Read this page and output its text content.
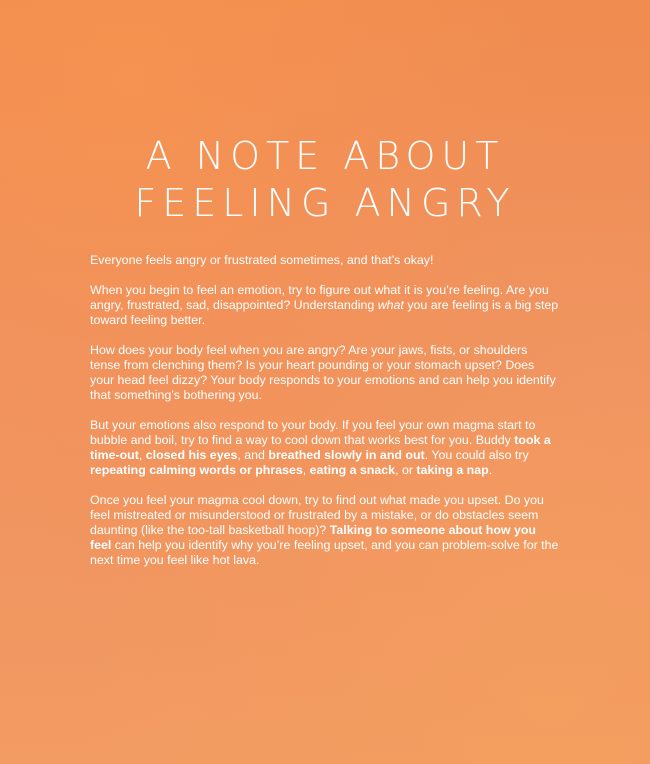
A NOTE ABOUT
FEELING ANGRY

Everyone feels angry or frustrated sometimes, and that’s okay!

When you begin to feel an emotion, try to figure out what it is you’re feeling. Are you angry, frustrated, sad, disappointed? Understanding what you are feeling is a big step toward feeling better.

How does your body feel when you are angry? Are your jaws, fists, or shoulders tense from clenching them? Is your heart pounding or your stomach upset? Does your head feel dizzy? Your body responds to your emotions and can help you identify that something’s bothering you.

But your emotions also respond to your body. If you feel your own magma start to bubble and boil, try to find a way to cool down that works best for you. Buddy took a time-out, closed his eyes, and breathed slowly in and out. You could also try repeating calming words or phrases, eating a snack, or taking a nap.

Once you feel your magma cool down, try to find out what made you upset. Do you feel mistreated or misunderstood or frustrated by a mistake, or do obstacles seem daunting (like the too-tall basketball hoop)? Talking to someone about how you feel can help you identify why you’re feeling upset, and you can problem-solve for the next time you feel like hot lava.
